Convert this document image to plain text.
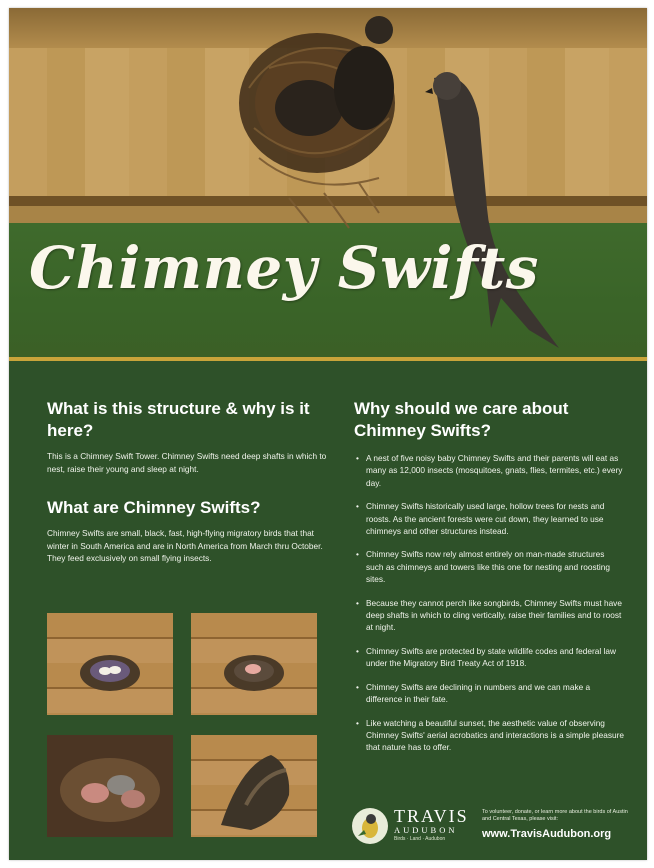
Chimney Swifts
What is this structure & why is it here?

This is a Chimney Swift Tower. Chimney Swifts need deep shafts in which to nest, raise their young and sleep at night.

What are Chimney Swifts?

Chimney Swifts are small, black, fast, high-flying migratory birds that that winter in South America and are in North America from March thru October. They feed exclusively on small flying insects.

Why should we care about Chimney Swifts?
• A nest of five noisy baby Chimney Swifts and their parents will eat as many as 12,000 insects (mosquitoes, gnats, flies, termites, etc.) every day.
• Chimney Swifts historically used large, hollow trees for nests and roosts. As the ancient forests were cut down, they learned to use chimneys and other structures instead.
• Chimney Swifts now rely almost entirely on man-made structures such as chimneys and towers like this one for nesting and roosting sites.
• Because they cannot perch like songbirds, Chimney Swifts must have deep shafts in which to cling vertically, raise their families and to roost at night.
• Chimney Swifts are protected by state wildlife codes and federal law under the Migratory Bird Treaty Act of 1918.
• Chimney Swifts are declining in numbers and we can make a difference in their fate.
• Like watching a beautiful sunset, the aesthetic value of observing Chimney Swifts' aerial acrobatics and interactions is a simple pleasure that nature has to offer.
TRAVIS
AUDUBON
Birds · Land · Audubon
To volunteer, donate, or learn more about the birds of Austin and Central Texas, please visit:
www.TravisAudubon.org
